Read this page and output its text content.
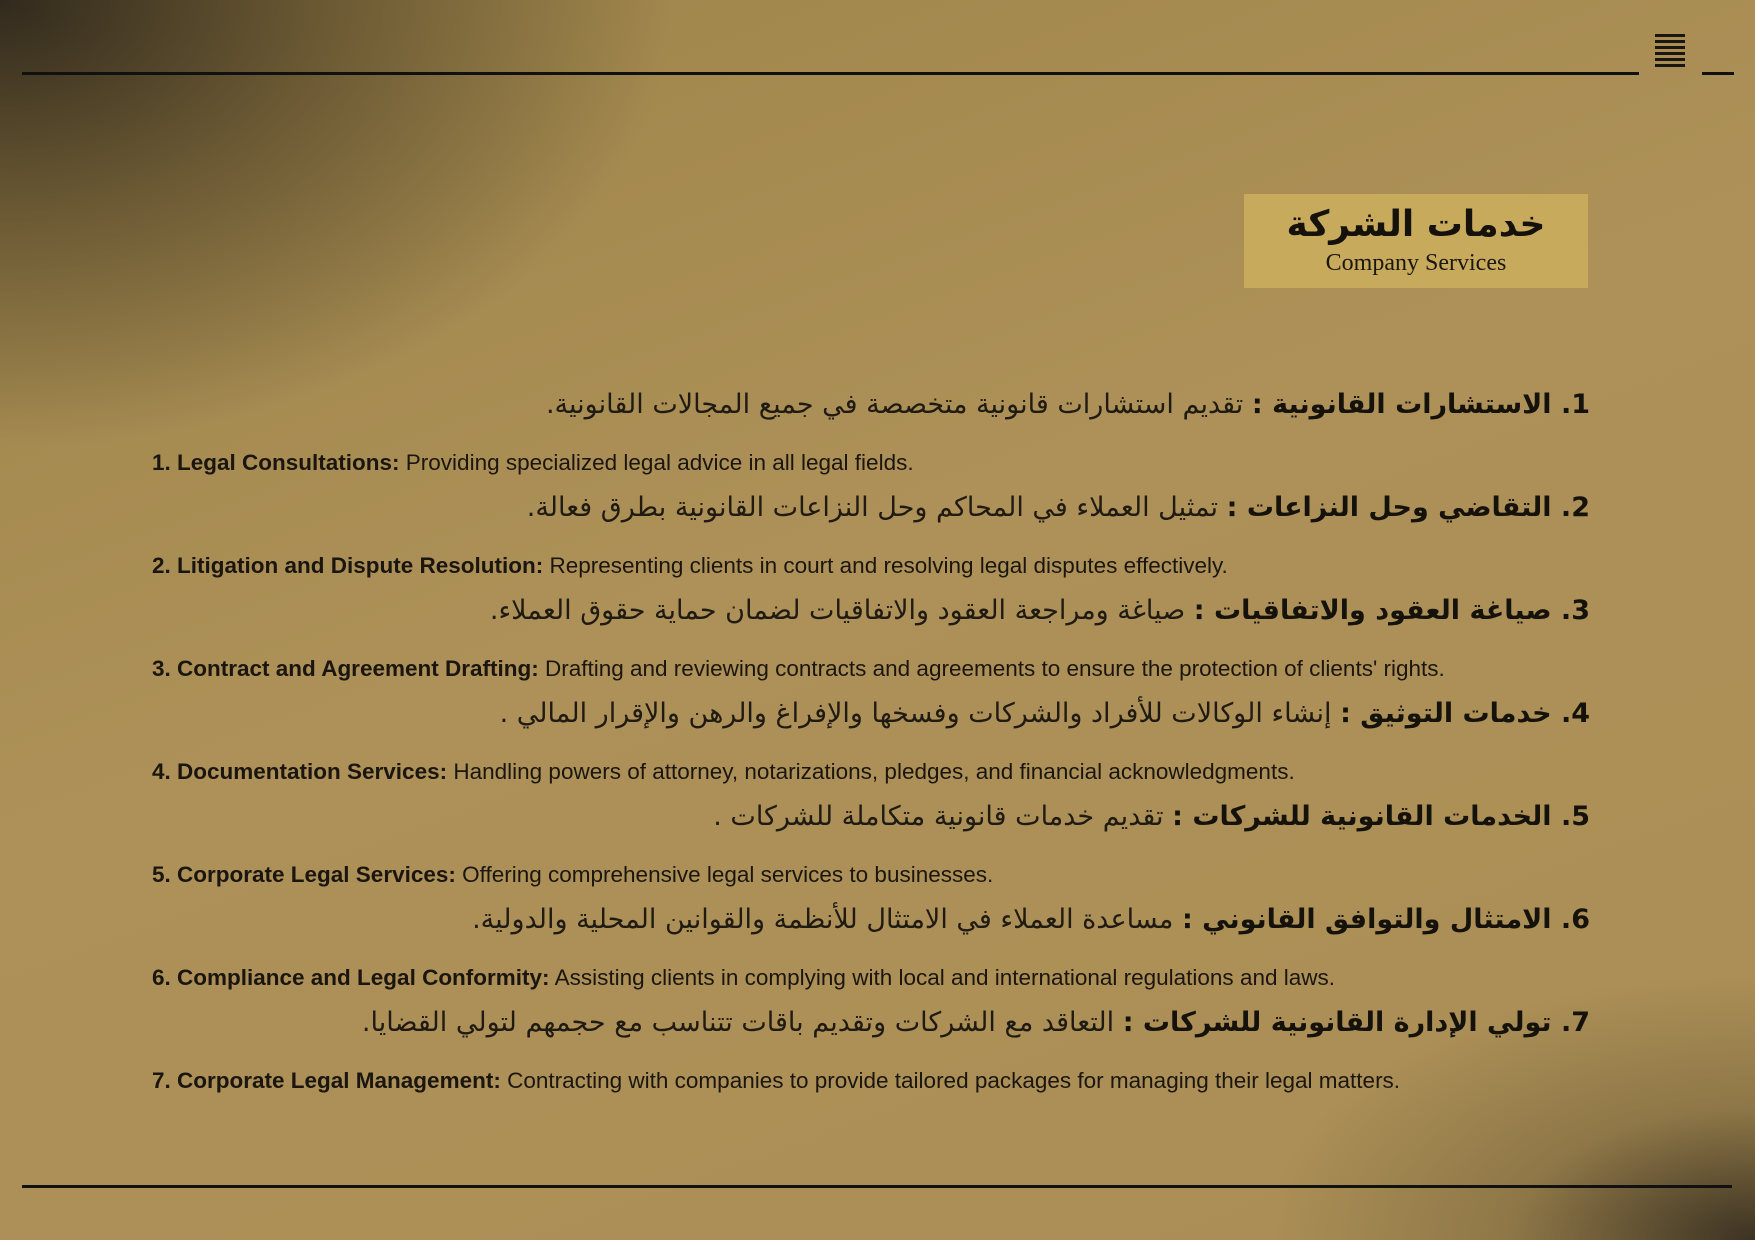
خدمات الشركة
Company Services
1. الاستشارات القانونية : تقديم استشارات قانونية متخصصة في جميع المجالات القانونية.
1. Legal Consultations: Providing specialized legal advice in all legal fields.
2. التقاضي وحل النزاعات : تمثيل العملاء في المحاكم وحل النزاعات القانونية بطرق فعالة.
2. Litigation and Dispute Resolution: Representing clients in court and resolving legal disputes effectively.
3. صياغة العقود والاتفاقيات : صياغة ومراجعة العقود والاتفاقيات لضمان حماية حقوق العملاء.
3. Contract and Agreement Drafting: Drafting and reviewing contracts and agreements to ensure the protection of clients' rights.
4. خدمات التوثيق : إنشاء الوكالات للأفراد والشركات وفسخها والإفراغ والرهن والإقرار المالي .
4. Documentation Services: Handling powers of attorney, notarizations, pledges, and financial acknowledgments.
5. الخدمات القانونية للشركات : تقديم خدمات قانونية متكاملة للشركات .
5. Corporate Legal Services: Offering comprehensive legal services to businesses.
6. الامتثال والتوافق القانوني : مساعدة العملاء في الامتثال للأنظمة والقوانين المحلية والدولية.
6. Compliance and Legal Conformity: Assisting clients in complying with local and international regulations and laws.
7. تولي الإدارة القانونية للشركات : التعاقد مع الشركات وتقديم باقات تتناسب مع حجمهم لتولي القضايا.
7. Corporate Legal Management: Contracting with companies to provide tailored packages for managing their legal matters.
